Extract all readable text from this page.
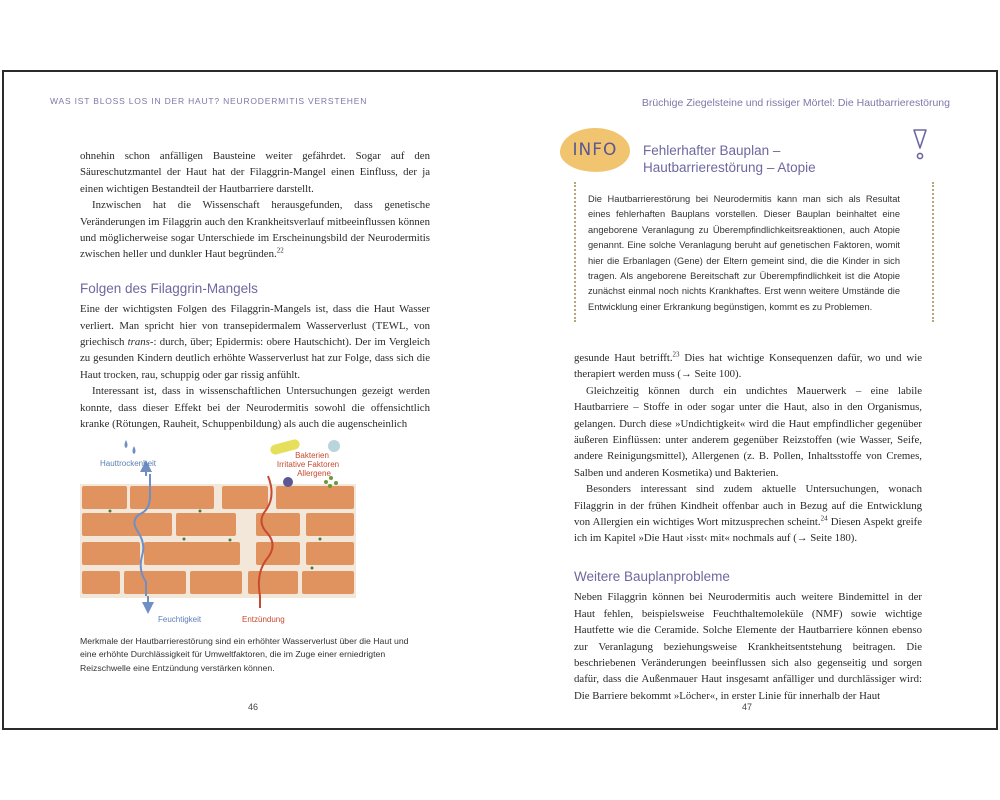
WAS IST BLOSS LOS IN DER HAUT? NEURODERMITIS VERSTEHEN	Brüchige Ziegelsteine und rissiger Mörtel: Die Hautbarrierestörung

ohnehin schon anfälligen Bausteine weiter gefährdet. Sogar auf den Säureschutzmantel der Haut hat der Filaggrin-Mangel einen Einfluss, der ja einen wichtigen Bestandteil der Hautbarriere darstellt.

Inzwischen hat die Wissenschaft herausgefunden, dass genetische Veränderungen im Filaggrin auch den Krankheitsverlauf mitbeeinflussen können und möglicherweise sogar Unterschiede im Erscheinungsbild der Neurodermitis zwischen heller und dunkler Haut begründen.$^{22}$

Folgen des Filaggrin-Mangels

Eine der wichtigsten Folgen des Filaggrin-Mangels ist, dass die Haut Wasser verliert. Man spricht hier von transepidermalem Wasserverlust (TEWL, von griechisch trans-: durch, über; Epidermis: obere Hautschicht). Der im Vergleich zu gesunden Kindern deutlich erhöhte Wasserverlust hat zur Folge, dass sich die Haut trocken, rau, schuppig oder gar rissig anfühlt.

Interessant ist, dass in wissenschaftlichen Untersuchungen gezeigt werden konnte, dass dieser Effekt bei der Neurodermitis sowohl die offensichtlich kranke (Rötungen, Rauheit, Schuppenbildung) als auch die augenscheinlich

Hauttrockenheit
Bakterien
Irritative Faktoren
Allergene
Feuchtigkeit	Entzündung
Merkmale der Hautbarrierestörung sind ein erhöhter Wasserverlust über die Haut und eine erhöhte Durchlässigkeit für Umweltfaktoren, die im Zuge einer erniedrigten Reizschwelle eine Entzündung verstärken können.
46
INFO Fehlerhafter Bauplan –
Hautbarrierestörung – Atopie
Die Hautbarrierestörung bei Neurodermitis kann man sich als Resultat eines fehlerhaften Bauplans vorstellen. Dieser Bauplan beinhaltet eine angeborene Veranlagung zu Überempfindlichkeitsreaktionen, auch Atopie genannt. Eine solche Veranlagung beruht auf genetischen Faktoren, womit hier die Erbanlagen (Gene) der Eltern gemeint sind, die die Kinder in sich tragen. Als angeborene Bereitschaft zur Überempfindlichkeit ist die Atopie zunächst einmal noch nichts Krankhaftes. Erst wenn weitere Umstände die Entwicklung einer Erkrankung begünstigen, kommt es zu Problemen.

gesunde Haut betrifft.$^{23}$ Dies hat wichtige Konsequenzen dafür, wo und wie therapiert werden muss (→ Seite 100).

Gleichzeitig können durch ein undichtes Mauerwerk – eine labile Hautbarriere – Stoffe in oder sogar unter die Haut, also in den Organismus, gelangen. Durch diese »Undichtigkeit« wird die Haut empfindlicher gegenüber äußeren Einflüssen: unter anderem gegenüber Reizstoffen (wie Wasser, Seife, andere Reinigungsmittel), Allergenen (z. B. Pollen, Inhaltsstoffe von Cremes, Salben und anderen Kosmetika) und Bakterien.

Besonders interessant sind zudem aktuelle Untersuchungen, wonach Filaggrin in der frühen Kindheit offenbar auch in Bezug auf die Entwicklung von Allergien ein wichtiges Wort mitzusprechen scheint.$^{24}$ Diesen Aspekt greife ich im Kapitel »Die Haut ›isst‹ mit« nochmals auf (→ Seite 180).

Weitere Bauplanprobleme

Neben Filaggrin können bei Neurodermitis auch weitere Bindemittel in der Haut fehlen, beispielsweise Feuchthaltemoleküle (NMF) sowie wichtige Hautfette wie die Ceramide. Solche Elemente der Hautbarriere können ebenso zur Veranlagung beziehungsweise Krankheitsentstehung beitragen. Die beschriebenen Veränderungen beeinflussen sich also gegenseitig und sorgen dafür, dass die Außenmauer Haut insgesamt anfälliger und durchlässiger wird: Die Barriere bekommt »Löcher«, in erster Linie für innerhalb der Haut

47
